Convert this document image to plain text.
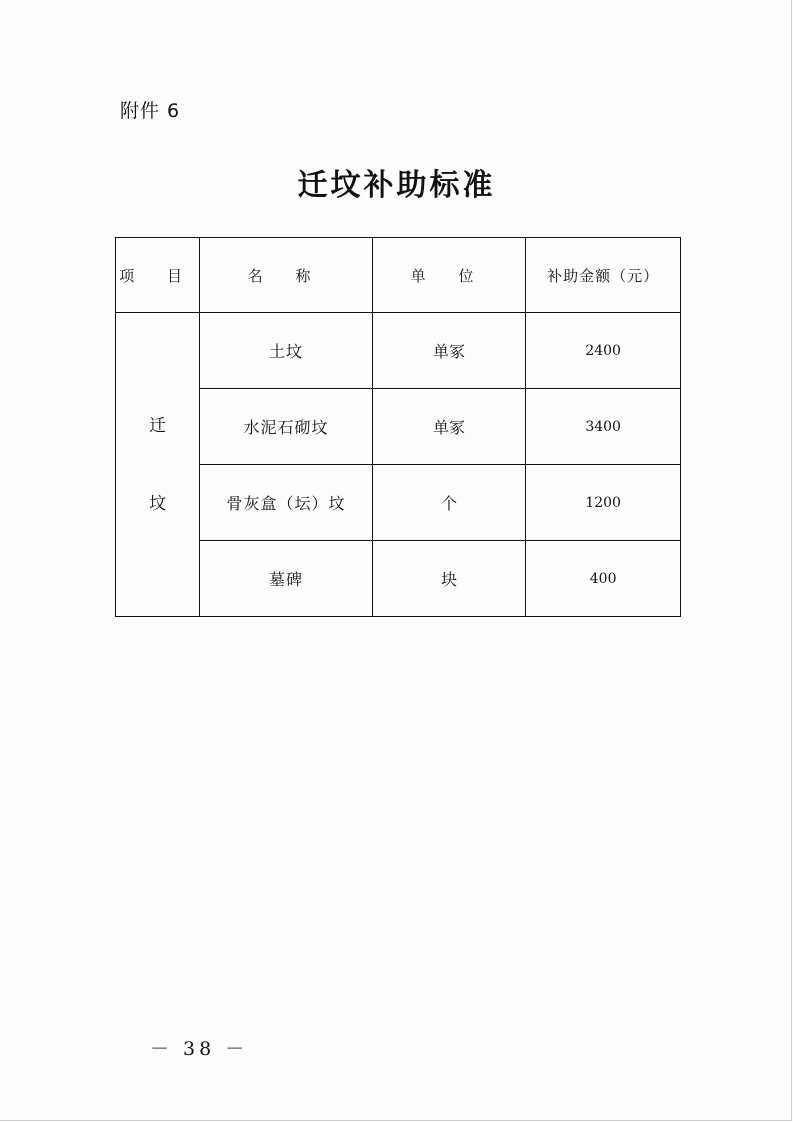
附件 6
迁坟补助标准
项 目	名 称	单 位	补助金额（元）

迁
坟	土坟	单冢	2400
	水泥石砌坟	单冢	3400
	骨灰盒（坛）坟	个	1200
	墓碑	块	400
－ 38 －
